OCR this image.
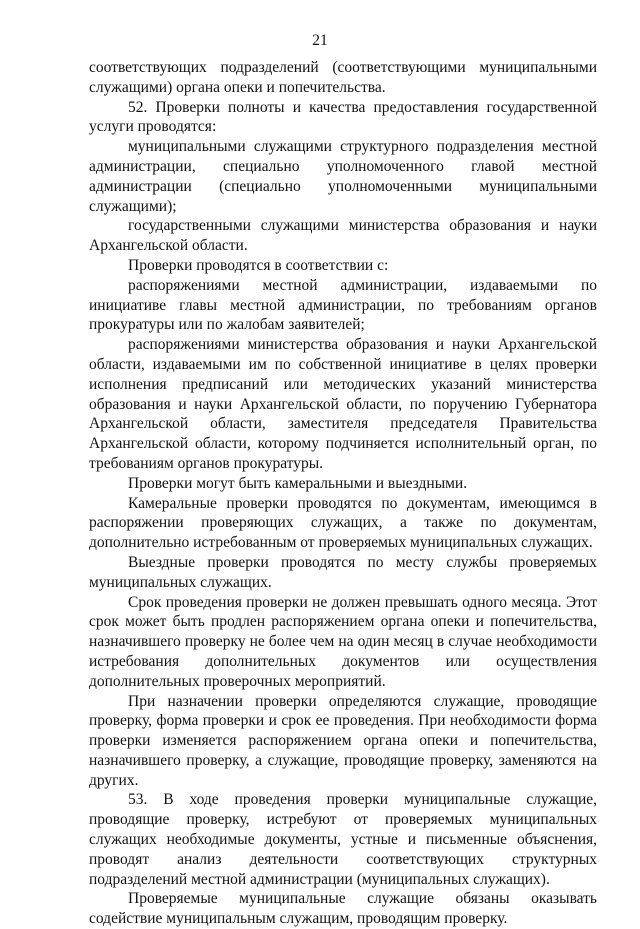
21

соответствующих подразделений (соответствующими муниципальными служащими) органа опеки и попечительства.

52. Проверки полноты и качества предоставления государственной услуги проводятся:

муниципальными служащими структурного подразделения местной администрации, специально уполномоченного главой местной администрации (специально уполномоченными муниципальными служащими);

государственными служащими министерства образования и науки Архангельской области.

Проверки проводятся в соответствии с:

распоряжениями местной администрации, издаваемыми по инициативе главы местной администрации, по требованиям органов прокуратуры или по жалобам заявителей;

распоряжениями министерства образования и науки Архангельской области, издаваемыми им по собственной инициативе в целях проверки исполнения предписаний или методических указаний министерства образования и науки Архангельской области, по поручению Губернатора Архангельской области, заместителя председателя Правительства Архангельской области, которому подчиняется исполнительный орган, по требованиям органов прокуратуры.

Проверки могут быть камеральными и выездными.

Камеральные проверки проводятся по документам, имеющимся в распоряжении проверяющих служащих, а также по документам, дополнительно истребованным от проверяемых муниципальных служащих.

Выездные проверки проводятся по месту службы проверяемых муниципальных служащих.

Срок проведения проверки не должен превышать одного месяца. Этот срок может быть продлен распоряжением органа опеки и попечительства, назначившего проверку не более чем на один месяц в случае необходимости истребования дополнительных документов или осуществления дополнительных проверочных мероприятий.

При назначении проверки определяются служащие, проводящие проверку, форма проверки и срок ее проведения. При необходимости форма проверки изменяется распоряжением органа опеки и попечительства, назначившего проверку, а служащие, проводящие проверку, заменяются на других.

53. В ходе проведения проверки муниципальные служащие, проводящие проверку, истребуют от проверяемых муниципальных служащих необходимые документы, устные и письменные объяснения, проводят анализ деятельности соответствующих структурных подразделений местной администрации (муниципальных служащих).

Проверяемые муниципальные служащие обязаны оказывать содействие муниципальным служащим, проводящим проверку.
